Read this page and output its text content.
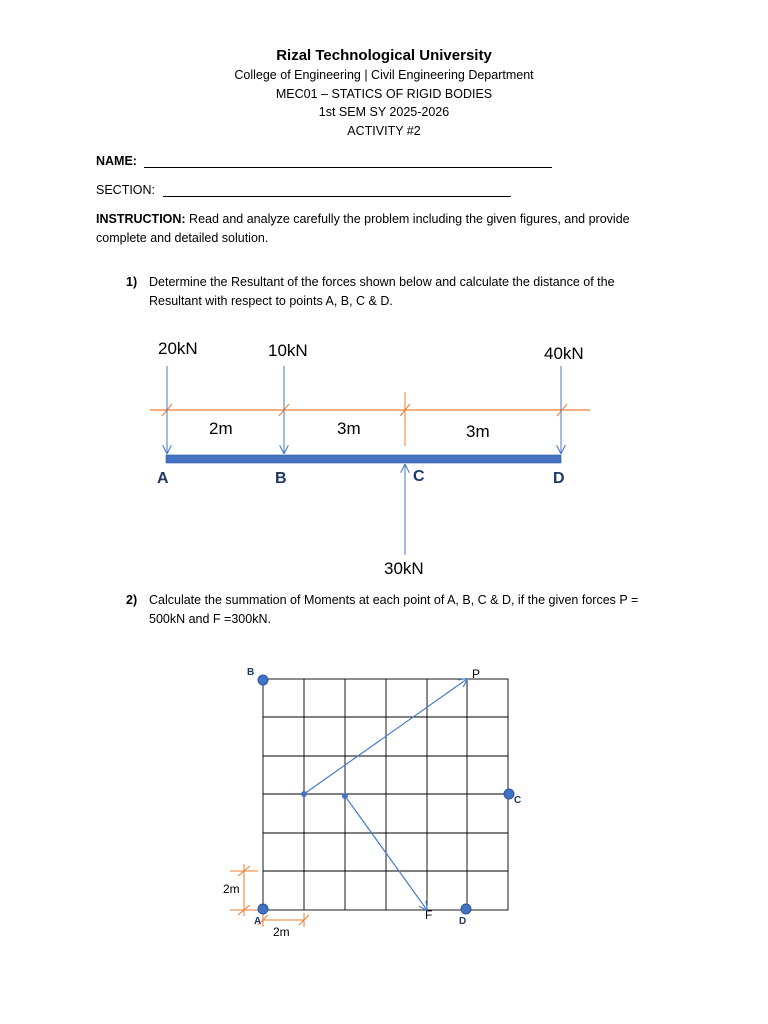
Rizal Technological University
College of Engineering | Civil Engineering Department
MEC01 – STATICS OF RIGID BODIES
1st SEM SY 2025-2026
ACTIVITY #2
NAME:
SECTION:
INSTRUCTION: Read and analyze carefully the problem including the given figures, and provide complete and detailed solution.
1) Determine the Resultant of the forces shown below and calculate the distance of the Resultant with respect to points A, B, C & D.
20kN	10kN	40kN
30kN
2m	3m	3m
A	B	C	D
2) Calculate the summation of Moments at each point of A, B, C & D, if the given forces P = 500kN and F =300kN.
A
B
C
D
P
F
2m
2m
